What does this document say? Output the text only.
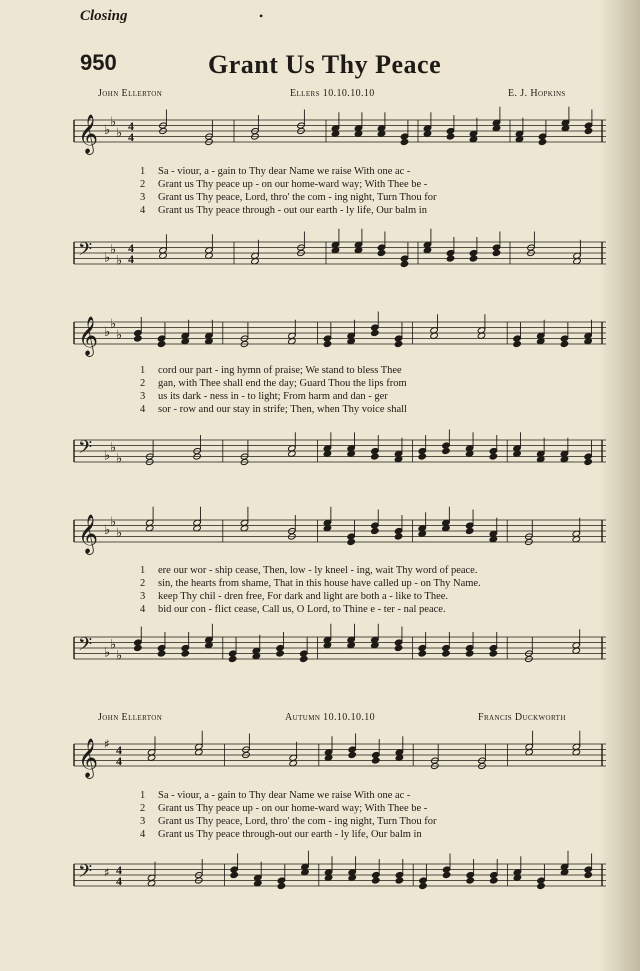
Closing	•
950	Grant Us Thy Peace
John Ellerton	Ellers 10.10.10.10	E. J. Hopkins
𝄞 ♭
♭
♭ 4
4
1	Sa - viour, a - gain to Thy dear Name we raise With one ac -
2	Grant us Thy peace up - on our home-ward way; With Thee be -
3	Grant us Thy peace, Lord, thro' the com - ing night, Turn Thou for
4	Grant us Thy peace through - out our earth - ly life, Our balm in
𝄢 ♭
♭
♭
4
4
𝄞 ♭
♭
♭
1	cord our part - ing hymn of praise; We stand to bless Thee
2	gan, with Thee shall end the day; Guard Thou the lips from
3	us its dark - ness in - to light; From harm and dan - ger
4	sor - row and our stay in strife; Then, when Thy voice shall
𝄢 ♭
♭
♭
𝄞 ♭
♭
♭
1	ere our wor - ship cease, Then, low - ly kneel - ing, wait Thy word of peace.
2	sin, the hearts from shame, That in this house have called up - on Thy Name.
3	keep Thy chil - dren free, For dark and light are both a - like to Thee.
4	bid our con - flict cease, Call us, O Lord, to Thine e - ter - nal peace.
𝄢 ♭
♭
♭
John Ellerton	Autumn 10.10.10.10	Francis Duckworth
𝄞 ♯ 4
4
1	Sa - viour, a - gain to Thy dear Name we raise With one ac -
2	Grant us Thy peace up - on our home-ward way; With Thee be -
3	Grant us Thy peace, Lord, thro' the com - ing night, Turn Thou for
4	Grant us Thy peace through-out our earth - ly life, Our balm in
𝄢 ♯ 4
4
